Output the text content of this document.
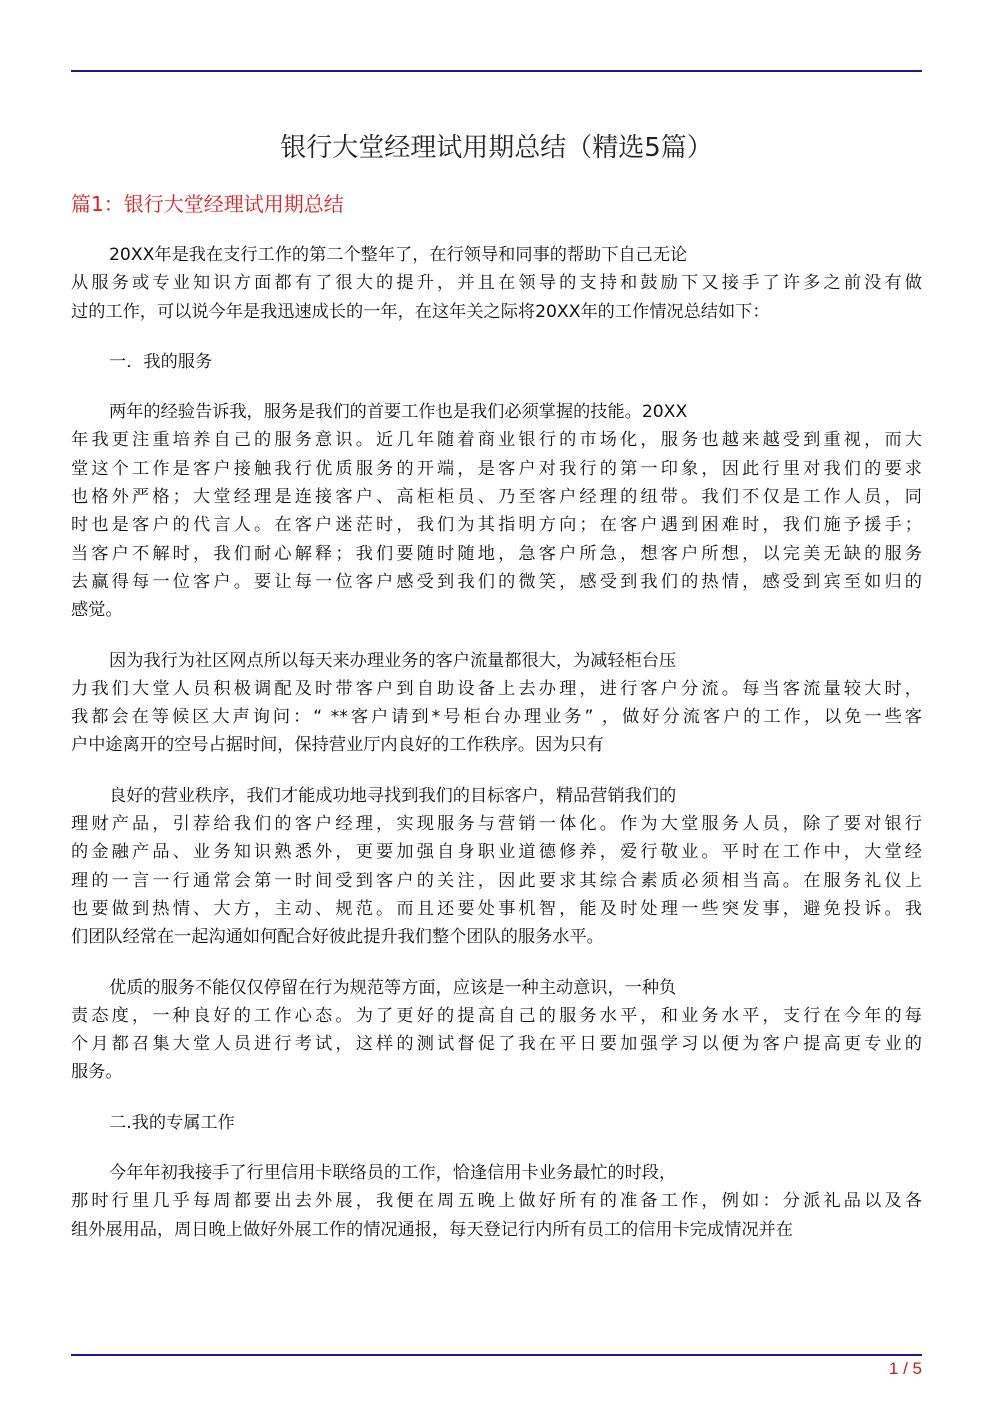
银行大堂经理试用期总结（精选5篇）
篇1：银行大堂经理试用期总结
20XX年是我在支行工作的第二个整年了，在行领导和同事的帮助下自己无论
从服务或专业知识方面都有了很大的提升，并且在领导的支持和鼓励下又接手了许多之前没有做
过的工作，可以说今年是我迅速成长的一年，在这年关之际将20XX年的工作情况总结如下：
一．我的服务
两年的经验告诉我，服务是我们的首要工作也是我们必须掌握的技能。20XX
年我更注重培养自己的服务意识。近几年随着商业银行的市场化，服务也越来越受到重视，而大
堂这个工作是客户接触我行优质服务的开端，是客户对我行的第一印象，因此行里对我们的要求
也格外严格；大堂经理是连接客户、高柜柜员、乃至客户经理的纽带。我们不仅是工作人员，同
时也是客户的代言人。在客户迷茫时，我们为其指明方向；在客户遇到困难时，我们施予援手；
当客户不解时，我们耐心解释；我们要随时随地，急客户所急，想客户所想，以完美无缺的服务
去赢得每一位客户。要让每一位客户感受到我们的微笑，感受到我们的热情，感受到宾至如归的
感觉。
因为我行为社区网点所以每天来办理业务的客户流量都很大，为减轻柜台压
力我们大堂人员积极调配及时带客户到自助设备上去办理，进行客户分流。每当客流量较大时，
我都会在等候区大声询问：“ **客户请到*号柜台办理业务” ，做好分流客户的工作，以免一些客
户中途离开的空号占据时间，保持营业厅内良好的工作秩序。因为只有
良好的营业秩序，我们才能成功地寻找到我们的目标客户，精品营销我们的
理财产品，引荐给我们的客户经理，实现服务与营销一体化。作为大堂服务人员，除了要对银行
的金融产品、业务知识熟悉外，更要加强自身职业道德修养，爱行敬业。平时在工作中，大堂经
理的一言一行通常会第一时间受到客户的关注，因此要求其综合素质必须相当高。在服务礼仪上
也要做到热情、大方，主动、规范。而且还要处事机智，能及时处理一些突发事，避免投诉。我
们团队经常在一起沟通如何配合好彼此提升我们整个团队的服务水平。
优质的服务不能仅仅停留在行为规范等方面，应该是一种主动意识，一种负
责态度，一种良好的工作心态。为了更好的提高自己的服务水平，和业务水平，支行在今年的每
个月都召集大堂人员进行考试，这样的测试督促了我在平日要加强学习以便为客户提高更专业的
服务。
二.我的专属工作
今年年初我接手了行里信用卡联络员的工作，恰逢信用卡业务最忙的时段，
那时行里几乎每周都要出去外展，我便在周五晚上做好所有的准备工作，例如：分派礼品以及各
组外展用品，周日晚上做好外展工作的情况通报，每天登记行内所有员工的信用卡完成情况并在
1 / 5
